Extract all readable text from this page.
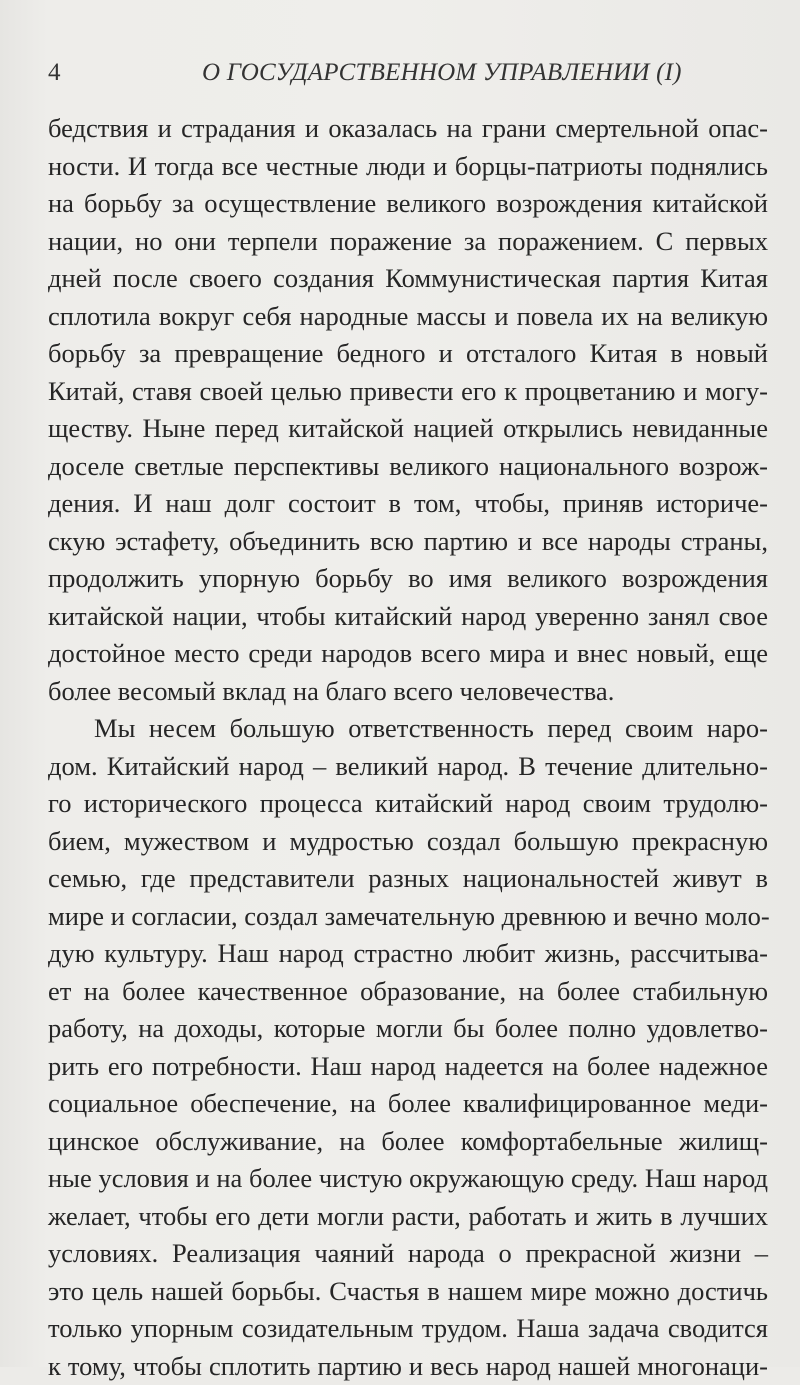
4	О ГОСУДАРСТВЕННОМ УПРАВЛЕНИИ (I)
бедствия и страдания и оказалась на грани смертельной опас-
ности. И тогда все честные люди и борцы-патриоты поднялись
на борьбу за осуществление великого возрождения китайской
нации, но они терпели поражение за поражением. С первых
дней после своего создания Коммунистическая партия Китая
сплотила вокруг себя народные массы и повела их на великую
борьбу за превращение бедного и отсталого Китая в новый
Китай, ставя своей целью привести его к процветанию и могу-
ществу. Ныне перед китайской нацией открылись невиданные
доселе светлые перспективы великого национального возрож-
дения. И наш долг состоит в том, чтобы, приняв историче-
скую эстафету, объединить всю партию и все народы страны,
продолжить упорную борьбу во имя великого возрождения
китайской нации, чтобы китайский народ уверенно занял свое
достойное место среди народов всего мира и внес новый, еще
более весомый вклад на благо всего человечества.
Мы несем большую ответственность перед своим наро-
дом. Китайский народ – великий народ. В течение длительно-
го исторического процесса китайский народ своим трудолю-
бием, мужеством и мудростью создал большую прекрасную
семью, где представители разных национальностей живут в
мире и согласии, создал замечательную древнюю и вечно моло-
дую культуру. Наш народ страстно любит жизнь, рассчитыва-
ет на более качественное образование, на более стабильную
работу, на доходы, которые могли бы более полно удовлетво-
рить его потребности. Наш народ надеется на более надежное
социальное обеспечение, на более квалифицированное меди-
цинское обслуживание, на более комфортабельные жилищ-
ные условия и на более чистую окружающую среду. Наш народ
желает, чтобы его дети могли расти, работать и жить в лучших
условиях. Реализация чаяний народа о прекрасной жизни –
это цель нашей борьбы. Счастья в нашем мире можно достичь
только упорным созидательным трудом. Наша задача сводится
к тому, чтобы сплотить партию и весь народ нашей многонаци-
